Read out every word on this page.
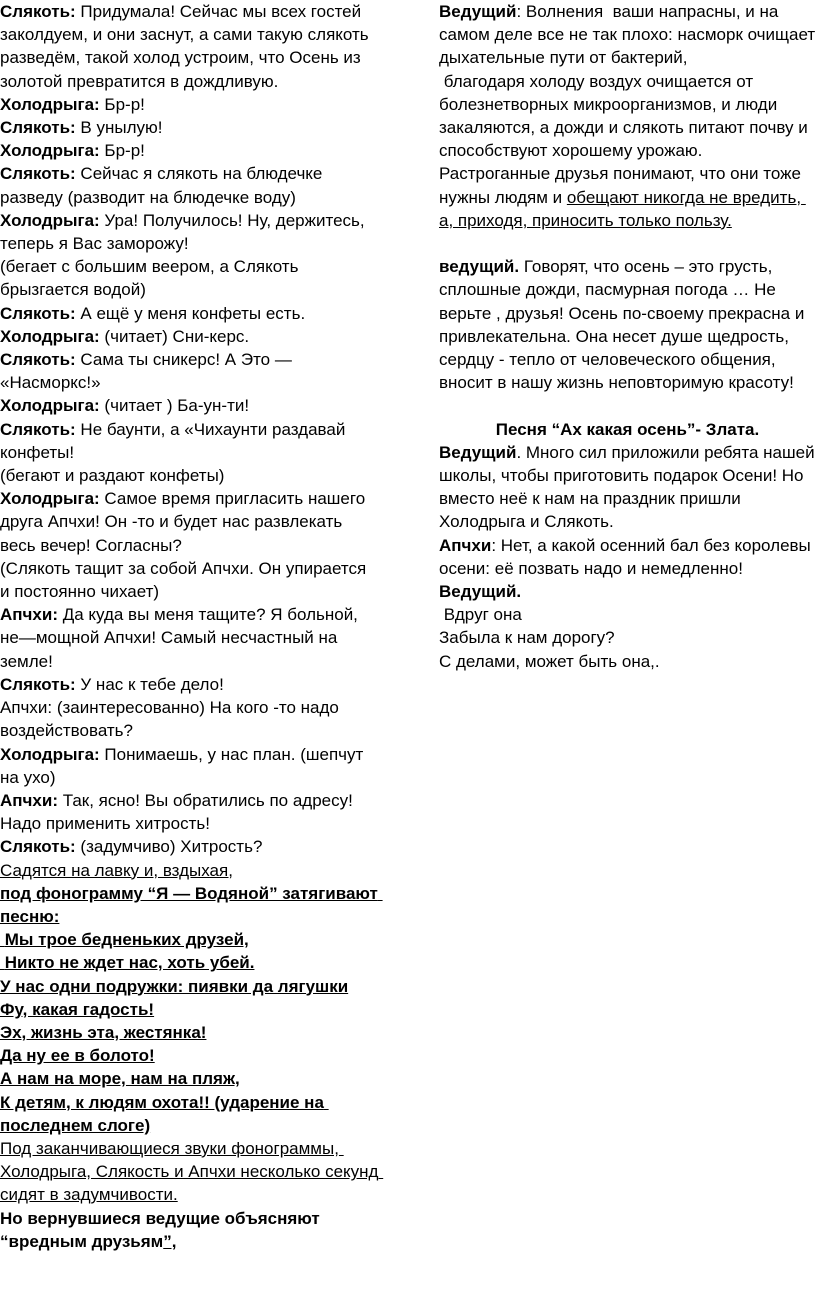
Слякоть: Придумала! Сейчас мы всех гостей заколдуем, и они заснут, а сами такую слякоть разведём, такой холод устроим, что Осень из золотой превратится в дождливую.

Холодрыга: Бр-р!

Слякоть: В унылую!

Холодрыга: Бр-р!

Слякоть: Сейчас я слякоть на блюдечке разведу (разводит на блюдечке воду)

Холодрыга: Ура! Получилось! Ну, держитесь, теперь я Вас заморожу!

(бегает с большим веером, а Слякоть брызгается водой)

Слякоть: А ещё у меня конфеты есть.

Холодрыга: (читает) Сни-керс.

Слякоть: Сама ты сникерс! А Это — «Насморкс!»

Холодрыга: (читает ) Ба-ун-ти!

Слякоть: Не баунти, а «Чихаунти раздавай конфеты!

(бегают и раздают конфеты)

Холодрыга: Самое время пригласить нашего друга Апчхи! Он -то и будет нас развлекать весь вечер! Согласны?

(Слякоть тащит за собой Апчхи. Он упирается и постоянно чихает)

Апчхи: Да куда вы меня тащите? Я больной, не—мощной Апчхи! Самый несчастный на земле!

Слякоть: У нас к тебе дело!

Апчхи: (заинтересованно) На кого -то надо воздействовать?

Холодрыга: Понимаешь, у нас план. (шепчут на ухо)

Апчхи: Так, ясно! Вы обратились по адресу! Надо применить хитрость!

Слякоть: (задумчиво) Хитрость?

Садятся на лавку и, вздыхая,

под фонограмму “Я — Водяной” затягивают песню:

Мы трое бедненьких друзей,

Никто не ждет нас, хоть убей.

У нас одни подружки: пиявки да лягушки

Фу, какая гадость!

Эх, жизнь эта, жестянка!

Да ну ее в болото!

А нам на море, нам на пляж,

К детям, к людям охота!! (ударение на последнем слоге)

Под заканчивающиеся звуки фонограммы, Холодрыга, Слякость и Апчхи несколько секунд сидят в задумчивости.

Но вернувшиеся ведущие объясняют “вредным друзьям”,

Ведущий: Волнения  ваши напрасны, и на самом деле все не так плохо: насморк очищает дыхательные пути от бактерий,

благодаря холоду воздух очищается от болезнетворных микроорганизмов, и люди закаляются, а дожди и слякоть питают почву и способствуют хорошему урожаю. Растроганные друзья понимают, что они тоже нужны людям и обещают никогда не вредить, а, приходя, приносить только пользу.

ведущий. Говорят, что осень – это грусть, сплошные дожди, пасмурная погода … Не верьте , друзья! Осень по-своему прекрасна и привлекательна. Она несет душе щедрость, сердцу - тепло от человеческого общения, вносит в нашу жизнь неповторимую красоту!

Песня “Ах какая осень”- Злата.

Ведущий. Много сил приложили ребята нашей школы, чтобы приготовить подарок Осени! Но вместо неё к нам на праздник пришли Холодрыга и Слякоть.

Апчхи: Нет, а какой осенний бал без королевы осени: её позвать надо и немедленно!

Ведущий.

Вдруг она

Забыла к нам дорогу?

С делами, может быть она,.
